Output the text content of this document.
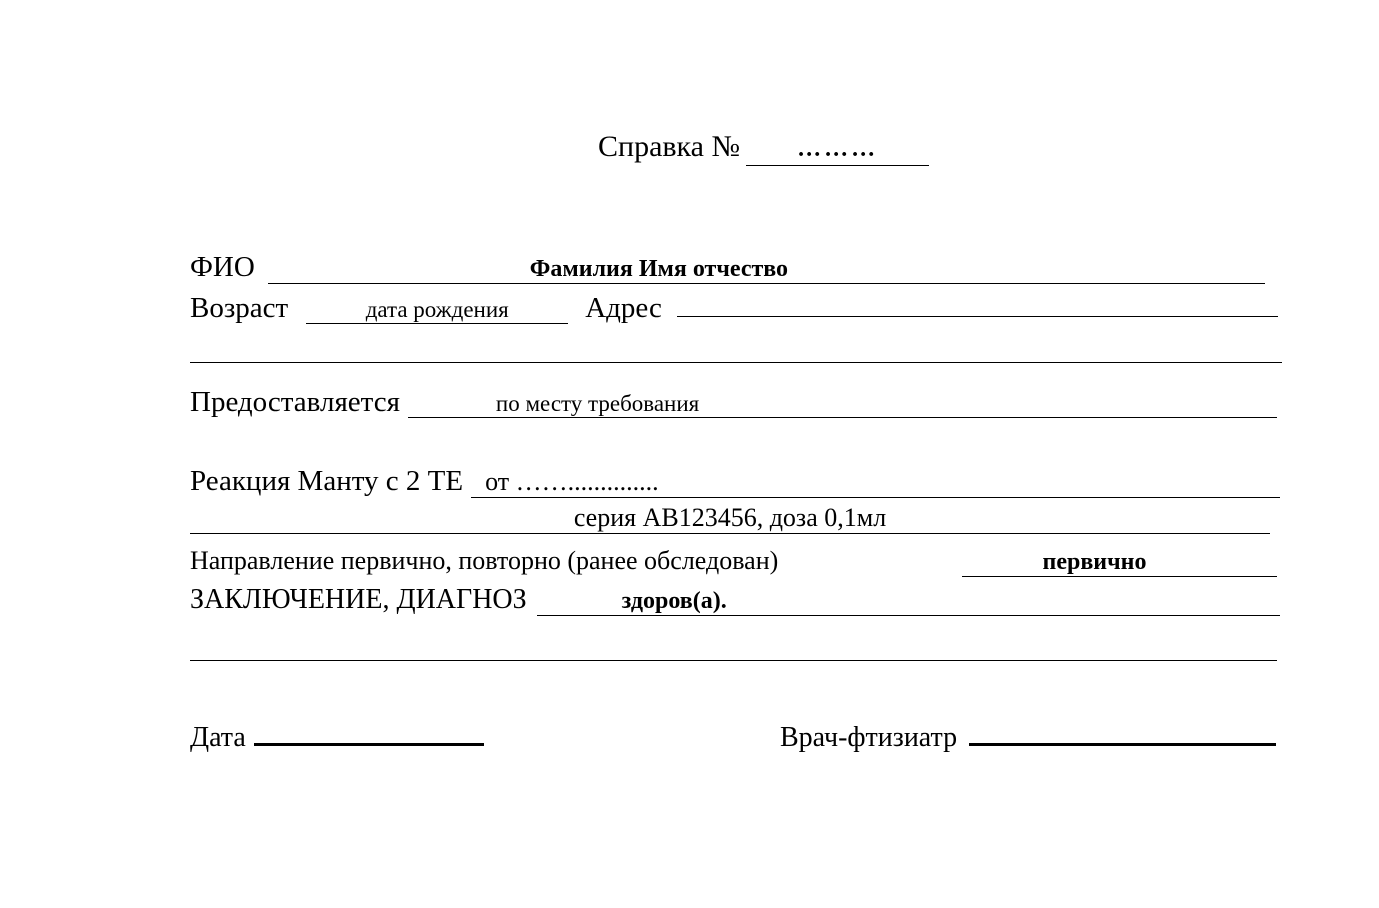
Справка №	………
ФИО	Фамилия Имя отчество
Возраст	дата рождения	Адрес
Предоставляется	по месту требования
Реакция Манту с 2 ТЕ от ……..............
серия АВ123456, доза 0,1мл
Направление первично, повторно (ранее обследован)	первично
ЗАКЛЮЧЕНИЕ, ДИАГНОЗ	здоров(а).
Дата	Врач-фтизиатр
